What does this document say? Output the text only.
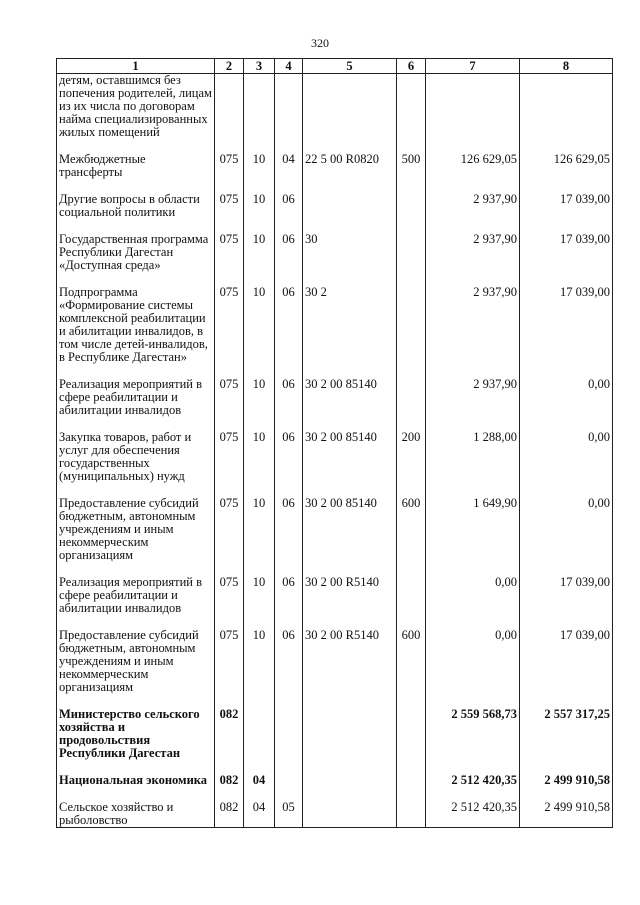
320
1	2	3	4	5	6	7	8
детям, оставшимся без попечения родителей, лицам из их числа по договорам найма специализированных жилых помещений							
Межбюджетные трансферты	075	10	04	22 5 00 R0820	500	126 629,05	126 629,05
Другие вопросы в области социальной политики	075	10	06			2 937,90	17 039,00
Государственная программа Республики Дагестан «Доступная среда»	075	10	06	30		2 937,90	17 039,00
Подпрограмма «Формирование системы комплексной реабилитации и абилитации инвалидов, в том числе детей-инвалидов, в Республике Дагестан»	075	10	06	30 2		2 937,90	17 039,00
Реализация мероприятий в сфере реабилитации и абилитации инвалидов	075	10	06	30 2 00 85140		2 937,90	0,00
Закупка товаров, работ и услуг для обеспечения государственных (муниципальных) нужд	075	10	06	30 2 00 85140	200	1 288,00	0,00
Предоставление субсидий бюджетным, автономным учреждениям и иным некоммерческим организациям	075	10	06	30 2 00 85140	600	1 649,90	0,00
Реализация мероприятий в сфере реабилитации и абилитации инвалидов	075	10	06	30 2 00 R5140		0,00	17 039,00
Предоставление субсидий бюджетным, автономным учреждениям и иным некоммерческим организациям	075	10	06	30 2 00 R5140	600	0,00	17 039,00
Министерство сельского хозяйства и продовольствия Республики Дагестан	082					2 559 568,73	2 557 317,25
Национальная экономика	082	04				2 512 420,35	2 499 910,58
Сельское хозяйство и рыболовство	082	04	05			2 512 420,35	2 499 910,58
